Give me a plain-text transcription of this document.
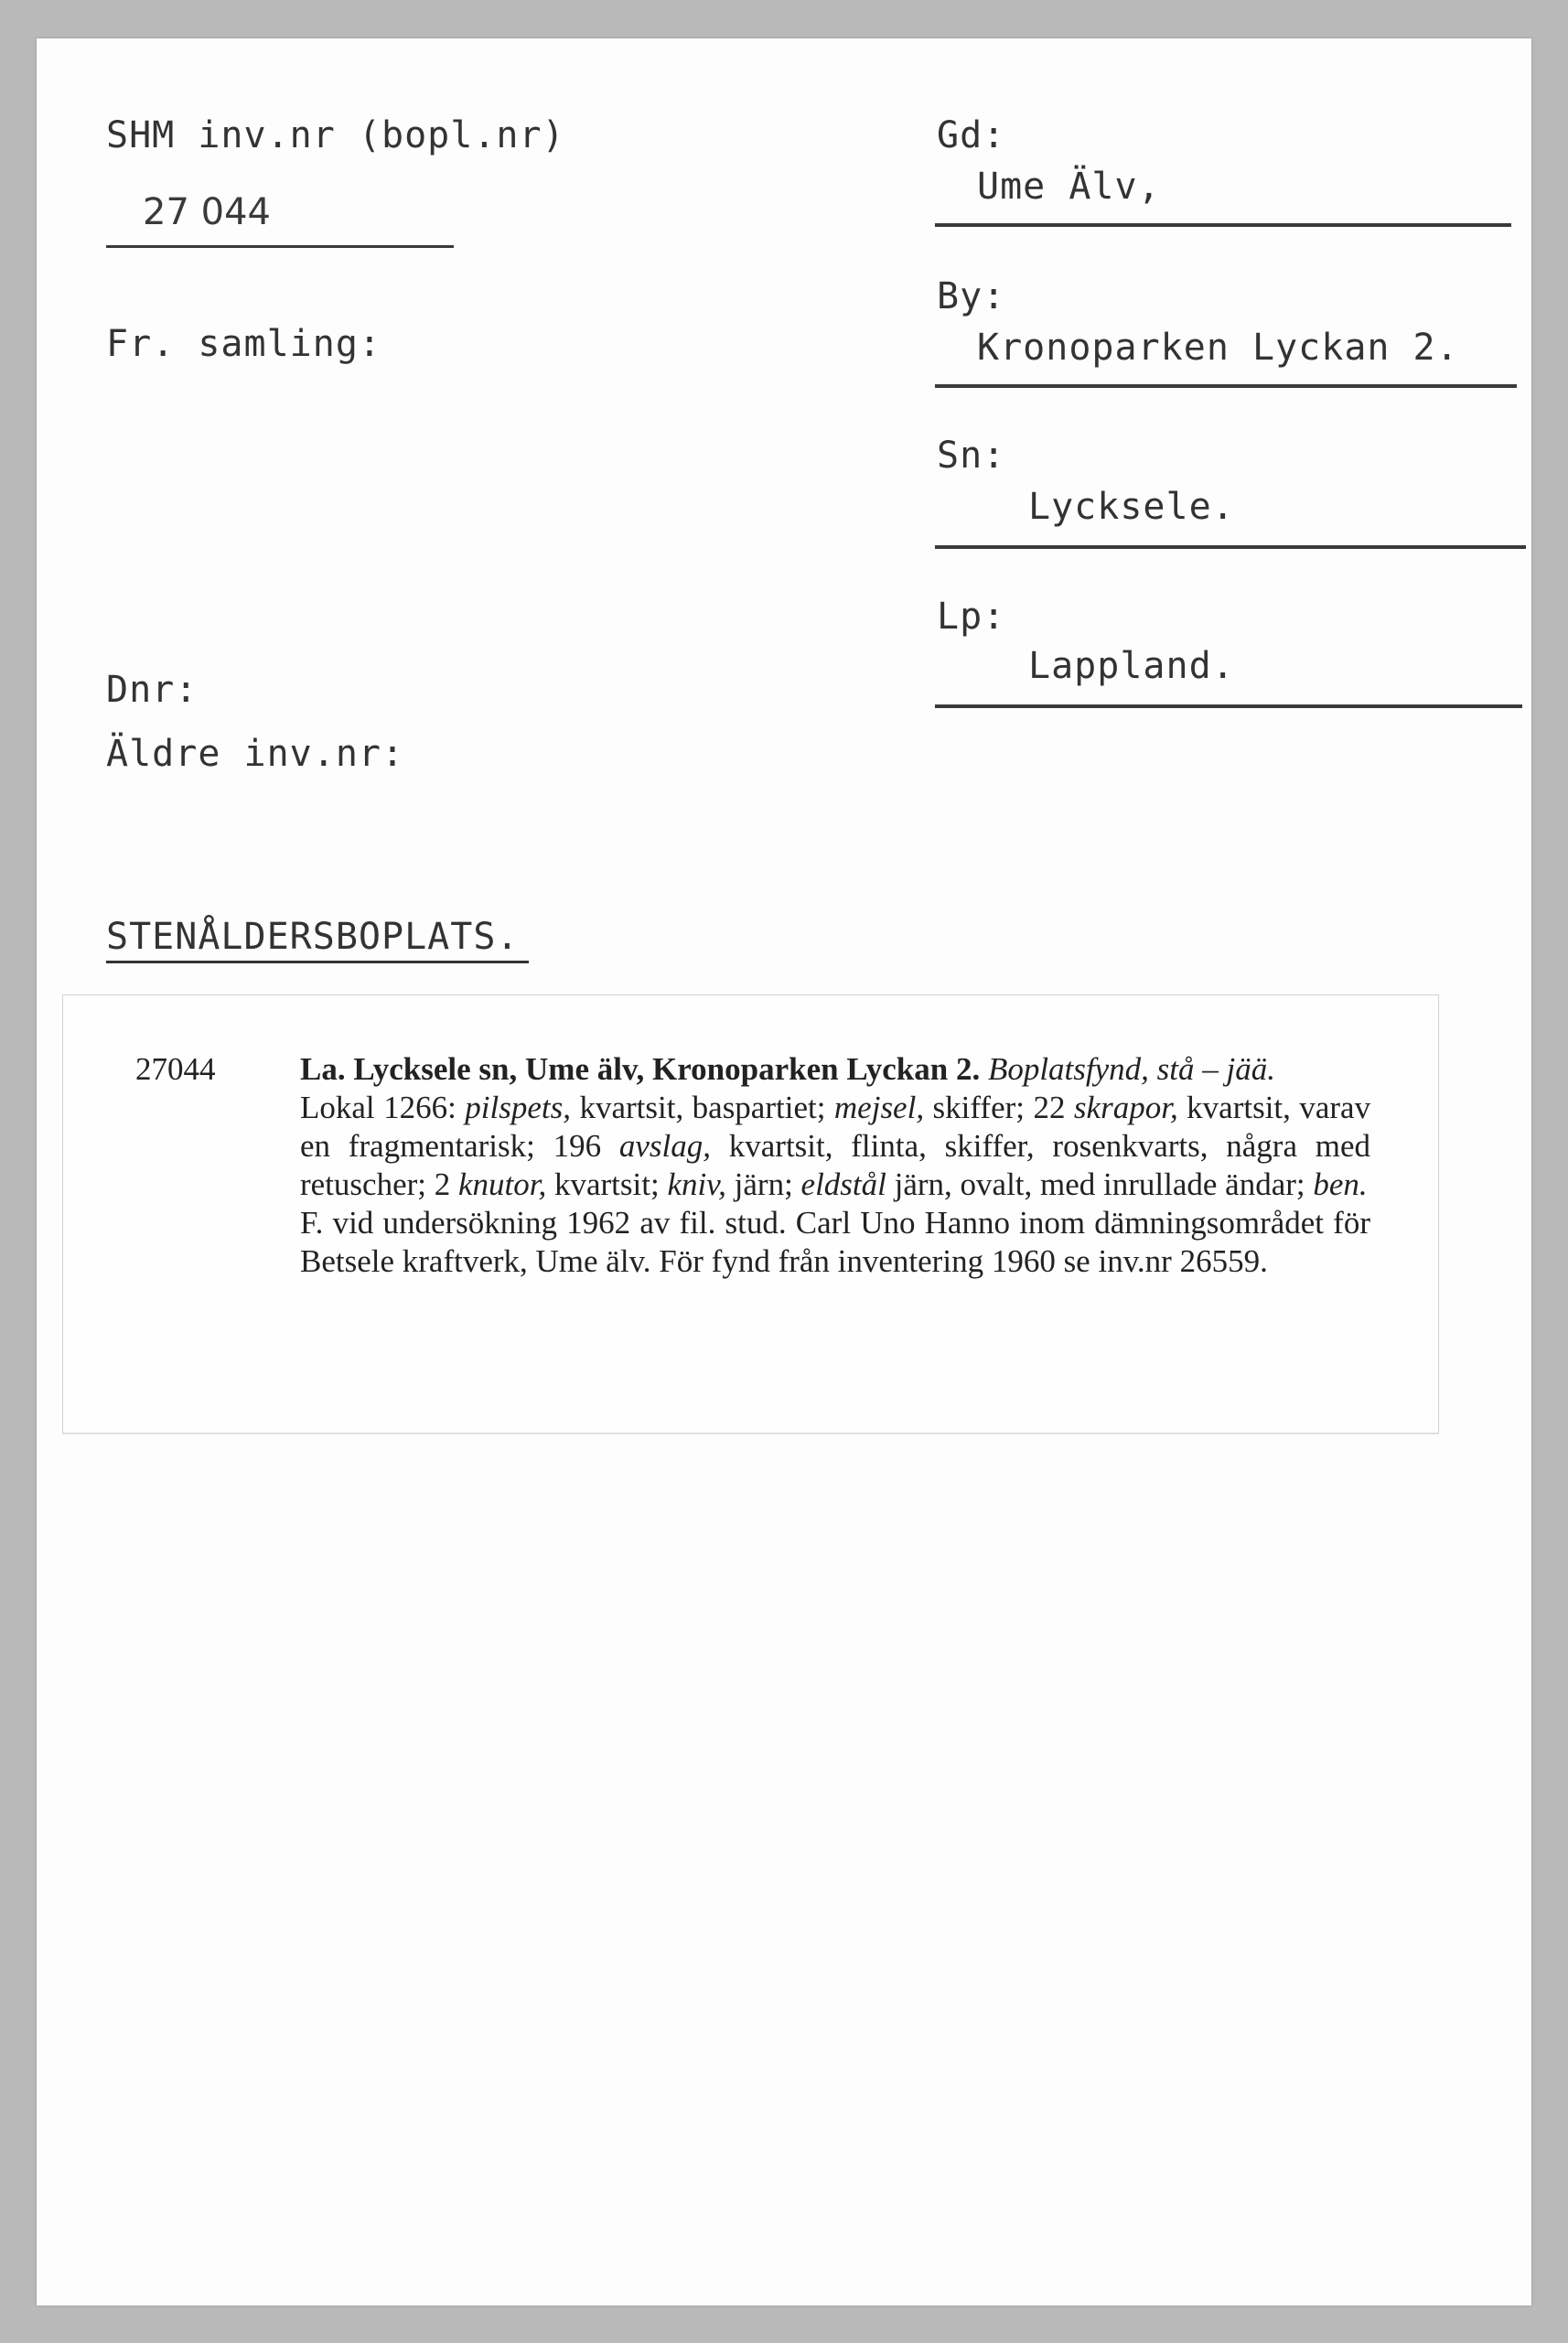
SHM inv.nr (bopl.nr)
27 044
Fr. samling:
Dnr:
Äldre inv.nr:
STENÅLDERSBOPLATS.
Gd:
Ume Älv,
By:
Kronoparken Lyckan 2.
Sn:
Lycksele.
Lp:
Lappland.
27044	La. Lycksele sn, Ume älv, Kronoparken Lyckan 2. Boplatsfynd, stå – jää.

Lokal 1266: pilspets, kvartsit, baspartiet; mejsel, skiffer; 22 skrapor, kvartsit, varav en fragmentarisk; 196 avslag, kvartsit, flinta, skiffer, rosenkvarts, några med retuscher; 2 knutor, kvartsit; kniv, järn; eldstål järn, ovalt, med inrullade ändar; ben.

F. vid undersökning 1962 av fil. stud. Carl Uno Hanno inom dämningsområdet för Betsele kraftverk, Ume älv. För fynd från inventering 1960 se inv.nr 26559.
